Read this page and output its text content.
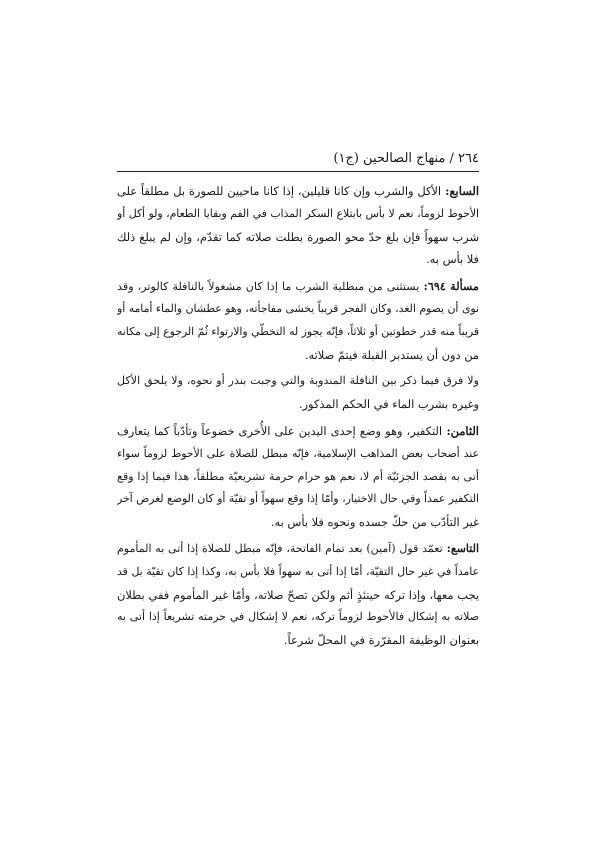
٢٦٤ / منهاج الصالحين (ج١)
السابع: الأكل والشرب وإن كانا قليلين، إذا كانا ماحيين للصورة بل مطلقاً على
الأحوط لزوماً، نعم لا بأس بابتلاع السكر المذاب في الفم وبقايا الطعام، ولو أكل أو
شرب سهواً فإن بلغ حدّ محو الصورة بطلت صلاته كما تقدّم، وإن لم يبلغ ذلك
فلا بأس به.
مسألة ٦٩٤: يستثنى من مبطلية الشرب ما إذا كان مشغولاً بالنافلة كالوتر، وقد
نوى أن يصوم الغد، وكان الفجر قريباً يخشى مفاجأته، وهو عطشان والماء أمامه أو
قريباً منه قدر خطوتين أو ثلاثاً، فإنّه يجوز له التخطّي والارتواء ثُمّ الرجوع إلى مكانه
من دون أن يستدبر القبلة فيتمّ صلاته.
ولا فرق فيما ذكر بين النافلة المندوبة والتي وجبت بنذر أو نحوه، ولا يلحق الأكل
وغيره بشرب الماء في الحكم المذكور.
الثامن: التكفير، وهو وضع إحدى اليدين على الأُخرى خضوعاً وتأدّباً كما يتعارف
عند أصحاب بعض المذاهب الإسلامية، فإنّه مبطل للصلاة على الأحوط لزوماً سواء
أتى به بقصد الجزئيّة أم لا، نعم هو حرام حرمة تشريعيّة مطلقاً، هذا فيما إذا وقع
التكفير عمداً وفي حال الاختيار، وأمّا إذا وقع سهواً أو تقيّة أو كان الوضع لغرض آخر
غير التأدّب من حكّ جسده ونحوه فلا بأس به.
التاسع: تعمّد قول (آمين) بعد تمام الفاتحة، فإنّه مبطل للصلاة إذا أتى به المأموم
عامداً في غير حال التقيّة، أمّا إذا أتى به سهواً فلا بأس به، وكذا إذا كان تقيّة بل قد
يجب معها، وإذا تركه حينئذٍ أثم ولكن تصحّ صلاته، وأمّا غير المأموم ففي بطلان
صلاته به إشكال فالأحوط لزوماً تركه، نعم لا إشكال في حرمته تشريعاً إذا أتى به
بعنوان الوظيفة المقرّرة في المحلّ شرعاً.
